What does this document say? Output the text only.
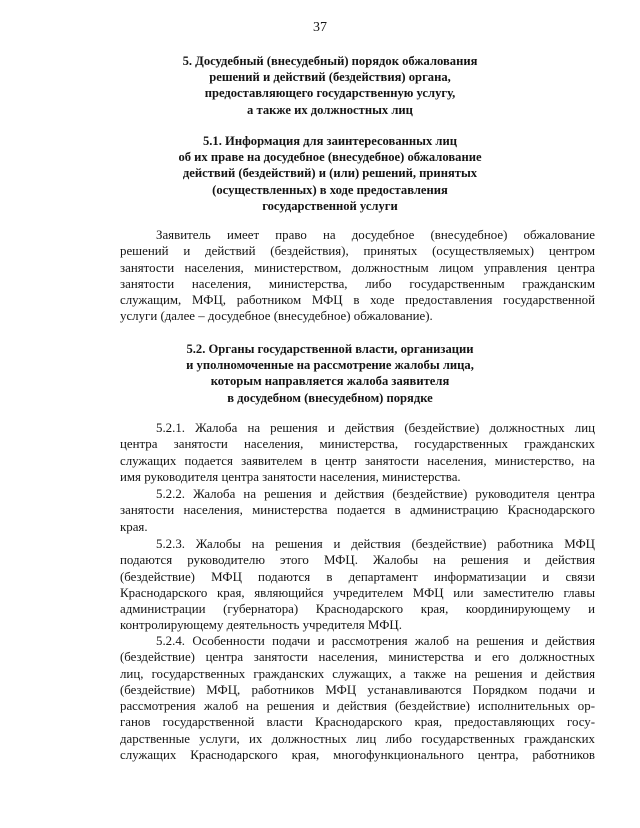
37
5. Досудебный (внесудебный) порядок обжалования
решений и действий (бездействия) органа,
предоставляющего государственную услугу,
а также их должностных лиц
5.1. Информация для заинтересованных лиц
об их праве на досудебное (внесудебное) обжалование
действий (бездействий) и (или) решений, принятых
(осуществленных) в ходе предоставления
государственной услуги
Заявитель имеет право на досудебное (внесудебное) обжалование
решений и действий (бездействия), принятых (осуществляемых) центром
занятости населения, министерством, должностным лицом управления центра
занятости населения, министерства, либо государственным гражданским
служащим, МФЦ, работником МФЦ в ходе предоставления государственной
услуги (далее – досудебное (внесудебное) обжалование).
5.2. Органы государственной власти, организации
и уполномоченные на рассмотрение жалобы лица,
которым направляется жалоба заявителя
в досудебном (внесудебном) порядке
5.2.1. Жалоба на решения и действия (бездействие) должностных лиц
центра занятости населения, министерства, государственных гражданских
служащих подается заявителем в центр занятости населения, министерство, на
имя руководителя центра занятости населения, министерства.
5.2.2. Жалоба на решения и действия (бездействие) руководителя центра
занятости населения, министерства подается в администрацию Краснодарского
края.
5.2.3. Жалобы на решения и действия (бездействие) работника МФЦ
подаются руководителю этого МФЦ. Жалобы на решения и действия
(бездействие) МФЦ подаются в департамент информатизации и связи
Краснодарского края, являющийся учредителем МФЦ или заместителю главы
администрации (губернатора) Краснодарского края, координирующему и
контролирующему деятельность учредителя МФЦ.
5.2.4. Особенности подачи и рассмотрения жалоб на решения и действия
(бездействие) центра занятости населения, министерства и его должностных
лиц, государственных гражданских служащих, а также на решения и действия
(бездействие) МФЦ, работников МФЦ устанавливаются Порядком подачи и
рассмотрения жалоб на решения и действия (бездействие) исполнительных ор-
ганов государственной власти Краснодарского края, предоставляющих госу-
дарственные услуги, их должностных лиц либо государственных гражданских
служащих Краснодарского края, многофункционального центра, работников
